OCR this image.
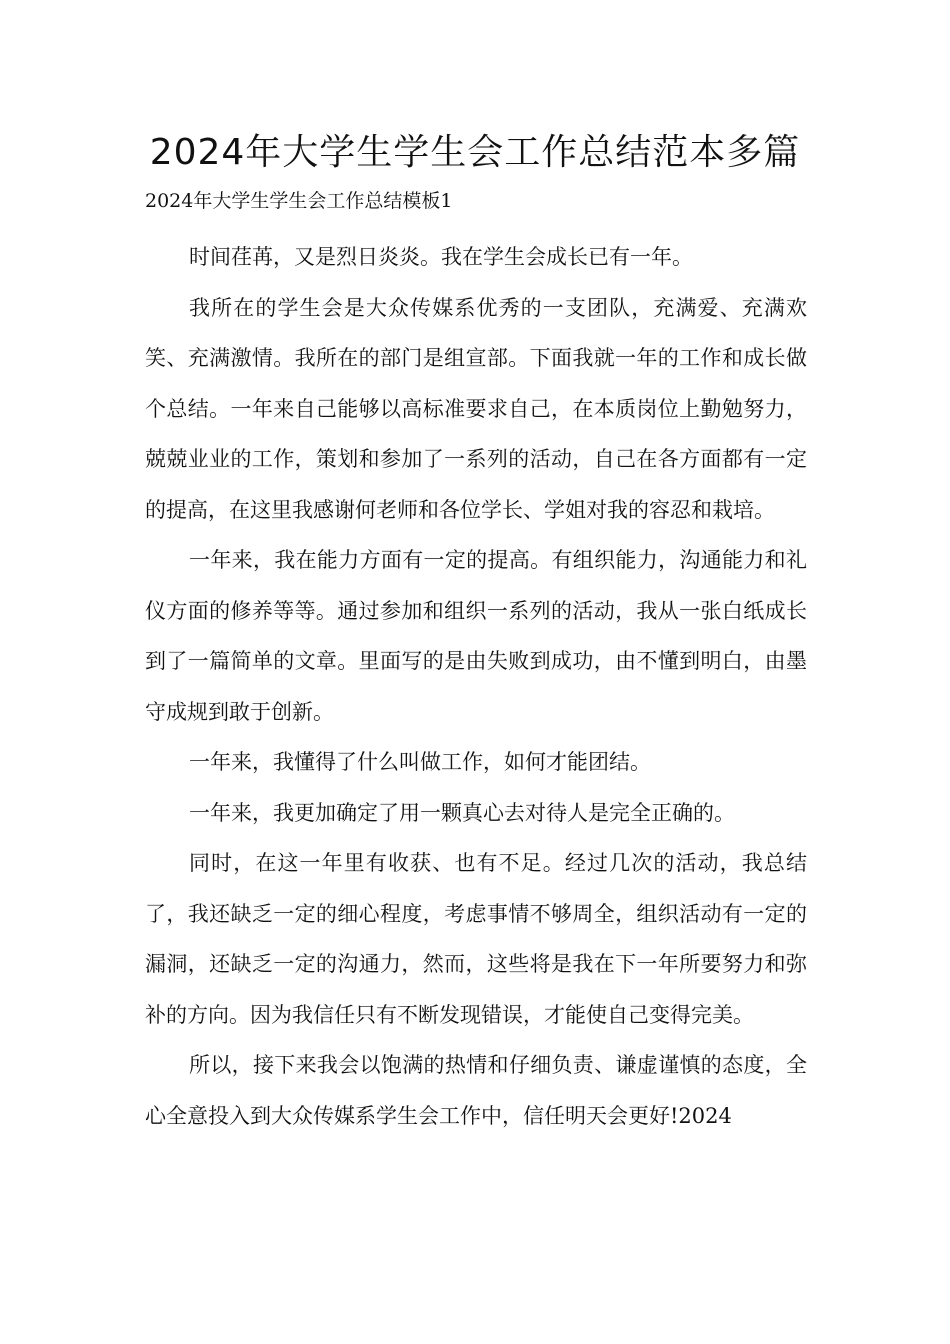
2024年大学生学生会工作总结范本多篇

2024年大学生学生会工作总结模板1

时间荏苒，又是烈日炎炎。我在学生会成长已有一年。

我所在的学生会是大众传媒系优秀的一支团队，充满爱、充满欢笑、充满激情。我所在的部门是组宣部。下面我就一年的工作和成长做个总结。一年来自己能够以高标准要求自己，在本质岗位上勤勉努力，兢兢业业的工作，策划和参加了一系列的活动，自己在各方面都有一定的提高，在这里我感谢何老师和各位学长、学姐对我的容忍和栽培。

一年来，我在能力方面有一定的提高。有组织能力，沟通能力和礼仪方面的修养等等。通过参加和组织一系列的活动，我从一张白纸成长到了一篇简单的文章。里面写的是由失败到成功，由不懂到明白，由墨守成规到敢于创新。

一年来，我懂得了什么叫做工作，如何才能团结。

一年来，我更加确定了用一颗真心去对待人是完全正确的。

同时，在这一年里有收获、也有不足。经过几次的活动，我总结了，我还缺乏一定的细心程度，考虑事情不够周全，组织活动有一定的漏洞，还缺乏一定的沟通力，然而，这些将是我在下一年所要努力和弥补的方向。因为我信任只有不断发现错误，才能使自己变得完美。

所以，接下来我会以饱满的热情和仔细负责、谦虚谨慎的态度，全心全意投入到大众传媒系学生会工作中，信任明天会更好!2024
